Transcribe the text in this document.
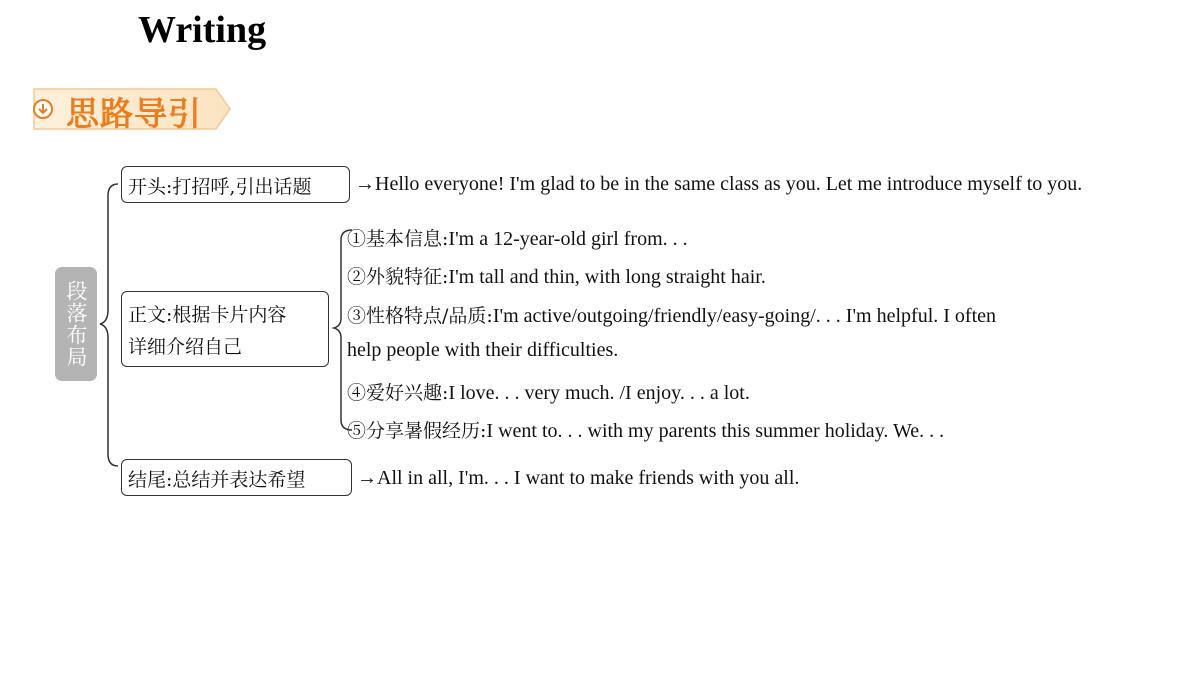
Writing
思路导引
段落布局
开头:打招呼,引出话题	→Hello everyone! I'm glad to be in the same class as you. Let me introduce myself to you.
正文:根据卡片内容
详细介绍自己
①基本信息:I'm a 12-year-old girl from. . .
②外貌特征:I'm tall and thin, with long straight hair.
③性格特点/品质:I'm active/outgoing/friendly/easy-going/. . . I'm helpful. I often
help people with their difficulties.
④爱好兴趣:I love. . . very much. /I enjoy. . . a lot.
⑤分享暑假经历:I went to. . . with my parents this summer holiday. We. . .
结尾:总结并表达希望	→All in all, I'm. . . I want to make friends with you all.
